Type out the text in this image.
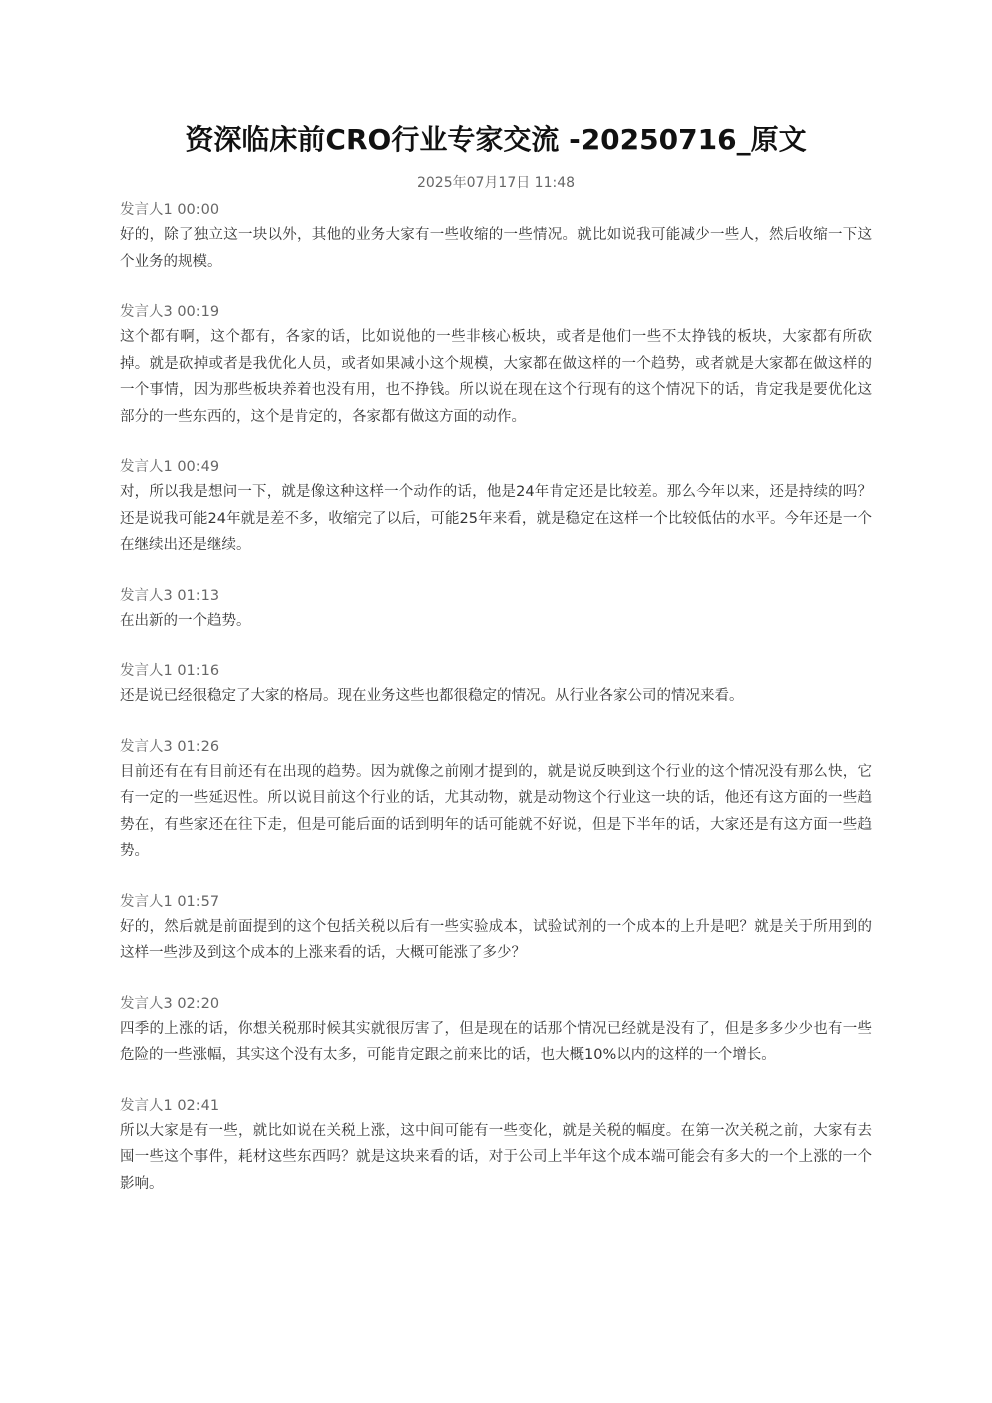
资深临床前CRO行业专家交流 -20250716_原文
2025年07月17日 11:48
发言人1 00:00
好的，除了独立这一块以外，其他的业务大家有一些收缩的一些情况。就比如说我可能减少一些人，然后收缩一下这个业务的规模。
发言人3 00:19
这个都有啊，这个都有，各家的话，比如说他的一些非核心板块，或者是他们一些不太挣钱的板块，大家都有所砍掉。就是砍掉或者是我优化人员，或者如果减小这个规模，大家都在做这样的一个趋势，或者就是大家都在做这样的一个事情，因为那些板块养着也没有用，也不挣钱。所以说在现在这个行现有的这个情况下的话，肯定我是要优化这部分的一些东西的，这个是肯定的，各家都有做这方面的动作。
发言人1 00:49
对，所以我是想问一下，就是像这种这样一个动作的话，他是24年肯定还是比较差。那么今年以来，还是持续的吗？还是说我可能24年就是差不多，收缩完了以后，可能25年来看，就是稳定在这样一个比较低估的水平。今年还是一个在继续出还是继续。
发言人3 01:13
在出新的一个趋势。
发言人1 01:16
还是说已经很稳定了大家的格局。现在业务这些也都很稳定的情况。从行业各家公司的情况来看。
发言人3 01:26
目前还有在有目前还有在出现的趋势。因为就像之前刚才提到的，就是说反映到这个行业的这个情况没有那么快，它有一定的一些延迟性。所以说目前这个行业的话，尤其动物，就是动物这个行业这一块的话，他还有这方面的一些趋势在，有些家还在往下走，但是可能后面的话到明年的话可能就不好说，但是下半年的话，大家还是有这方面一些趋势。
发言人1 01:57
好的，然后就是前面提到的这个包括关税以后有一些实验成本，试验试剂的一个成本的上升是吧？就是关于所用到的这样一些涉及到这个成本的上涨来看的话，大概可能涨了多少？
发言人3 02:20
四季的上涨的话，你想关税那时候其实就很厉害了，但是现在的话那个情况已经就是没有了，但是多多少少也有一些危险的一些涨幅，其实这个没有太多，可能肯定跟之前来比的话，也大概10%以内的这样的一个增长。
发言人1 02:41
所以大家是有一些，就比如说在关税上涨，这中间可能有一些变化，就是关税的幅度。在第一次关税之前，大家有去囤一些这个事件，耗材这些东西吗？就是这块来看的话，对于公司上半年这个成本端可能会有多大的一个上涨的一个影响。
